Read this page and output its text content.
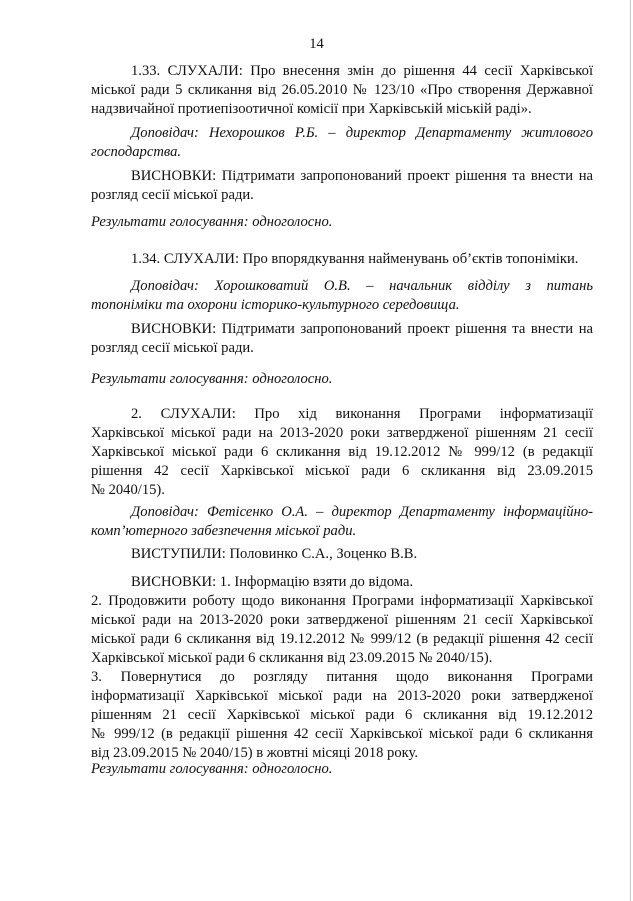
14
1.33. СЛУХАЛИ: Про внесення змін до рішення 44 сесії Харківської
міської ради 5 скликання від 26.05.2010 № 123/10 «Про створення Державної
надзвичайної протиепізоотичної комісії при Харківській міській раді».
Доповідач: Нехорошков Р.Б. – директор Департаменту житлового
господарства.
ВИСНОВКИ: Підтримати запропонований проект рішення та внести на
розгляд сесії міської ради.
Результати голосування: одноголосно.
1.34. СЛУХАЛИ: Про впорядкування найменувань об’єктів топоніміки.
Доповідач: Хорошковатий О.В. – начальник відділу з питань
топоніміки та охорони історико-культурного середовища.
ВИСНОВКИ: Підтримати запропонований проект рішення та внести на
розгляд сесії міської ради.
Результати голосування: одноголосно.
2. СЛУХАЛИ: Про хід виконання Програми інформатизації
Харківської міської ради на 2013-2020 роки затвердженої рішенням 21 сесії
Харківської міської ради 6 скликання від 19.12.2012 № 999/12 (в редакції
рішення 42 сесії Харківської міської ради 6 скликання від 23.09.2015
№ 2040/15).
Доповідач: Фетісенко О.А. – директор Департаменту інформаційно-
комп’ютерного забезпечення міської ради.
ВИСТУПИЛИ: Половинко С.А., Зоценко В.В.
ВИСНОВКИ: 1. Інформацію взяти до відома.
2. Продовжити роботу щодо виконання Програми інформатизації Харківської
міської ради на 2013-2020 роки затвердженої рішенням 21 сесії Харківської
міської ради 6 скликання від 19.12.2012 № 999/12 (в редакції рішення 42 сесії
Харківської міської ради 6 скликання від 23.09.2015 № 2040/15).
3. Повернутися до розгляду питання щодо виконання Програми
інформатизації Харківської міської ради на 2013-2020 роки затвердженої
рішенням 21 сесії Харківської міської ради 6 скликання від 19.12.2012
№ 999/12 (в редакції рішення 42 сесії Харківської міської ради 6 скликання
від 23.09.2015 № 2040/15) в жовтні місяці 2018 року.
Результати голосування: одноголосно.
